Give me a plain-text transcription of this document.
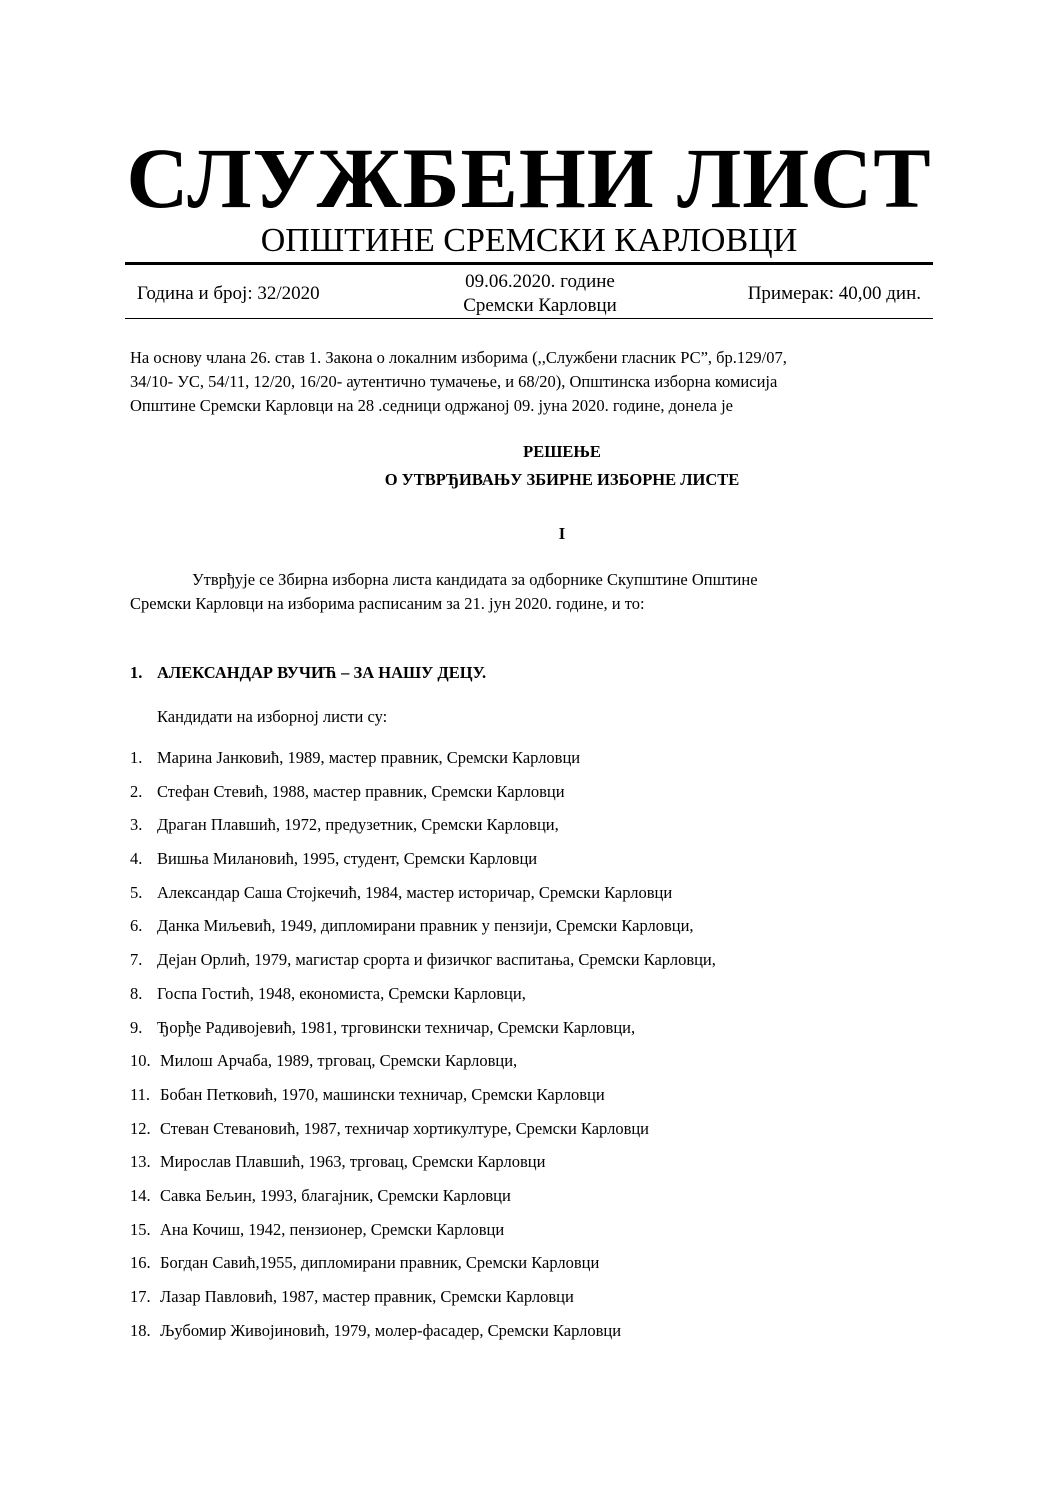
СЛУЖБЕНИ ЛИСТ
ОПШТИНЕ СРЕМСКИ КАРЛОВЦИ
Година и број: 32/2020
09.06.2020. године
Сремски Карловци
Примерак: 40,00 дин.

На основу члана 26. став 1. Закона о локалним изборима (,,Службени гласник РС”, бр.129/07,

34/10- УС, 54/11, 12/20, 16/20- аутентично тумачење, и 68/20), Општинска изборна комисија

Општине Сремски Карловци на 28 .седници одржаној 09. јуна 2020. године, донела је

РЕШЕЊЕ
О УТВРЂИВАЊУ ЗБИРНЕ ИЗБОРНЕ ЛИСТЕ
I

Утврђује се Збирна изборна листа кандидата за одборнике Скупштине Општине

Сремски Карловци на изборима расписаним за 21. јун 2020. године, и то:

1. АЛЕКСАНДАР ВУЧИЋ – ЗА НАШУ ДЕЦУ.
Кандидати на изборној листи су:
1. Марина Јанковић, 1989, мастер правник, Сремски Карловци
2. Стефан Стевић, 1988, мастер правник, Сремски Карловци
3. Драган Плавшић, 1972, предузетник, Сремски Карловци,
4. Вишња Милановић, 1995, студент, Сремски Карловци
5. Александар Саша Стојкечић, 1984, мастер историчар, Сремски Карловци
6. Данка Миљевић, 1949, дипломирани правник у пензији, Сремски Карловци,
7. Дејан Орлић, 1979, магистар срорта и физичког васпитања, Сремски Карловци,
8. Госпа Гостић, 1948, економиста, Сремски Карловци,
9. Ђорђе Радивојевић, 1981, трговински техничар, Сремски Карловци,
10. Милош Арчаба, 1989, трговац, Сремски Карловци,
11. Бобан Петковић, 1970, машински техничар, Сремски Карловци
12. Стеван Стевановић, 1987, техничар хортикултуре, Сремски Карловци
13. Мирослав Плавшић, 1963, трговац, Сремски Карловци
14. Савка Бељин, 1993, благајник, Сремски Карловци
15. Ана Кочиш, 1942, пензионер, Сремски Карловци
16. Богдан Савић,1955, дипломирани правник, Сремски Карловци
17. Лазар Павловић, 1987, мастер правник, Сремски Карловци
18. Љубомир Живојиновић, 1979, молер-фасадер, Сремски Карловци
